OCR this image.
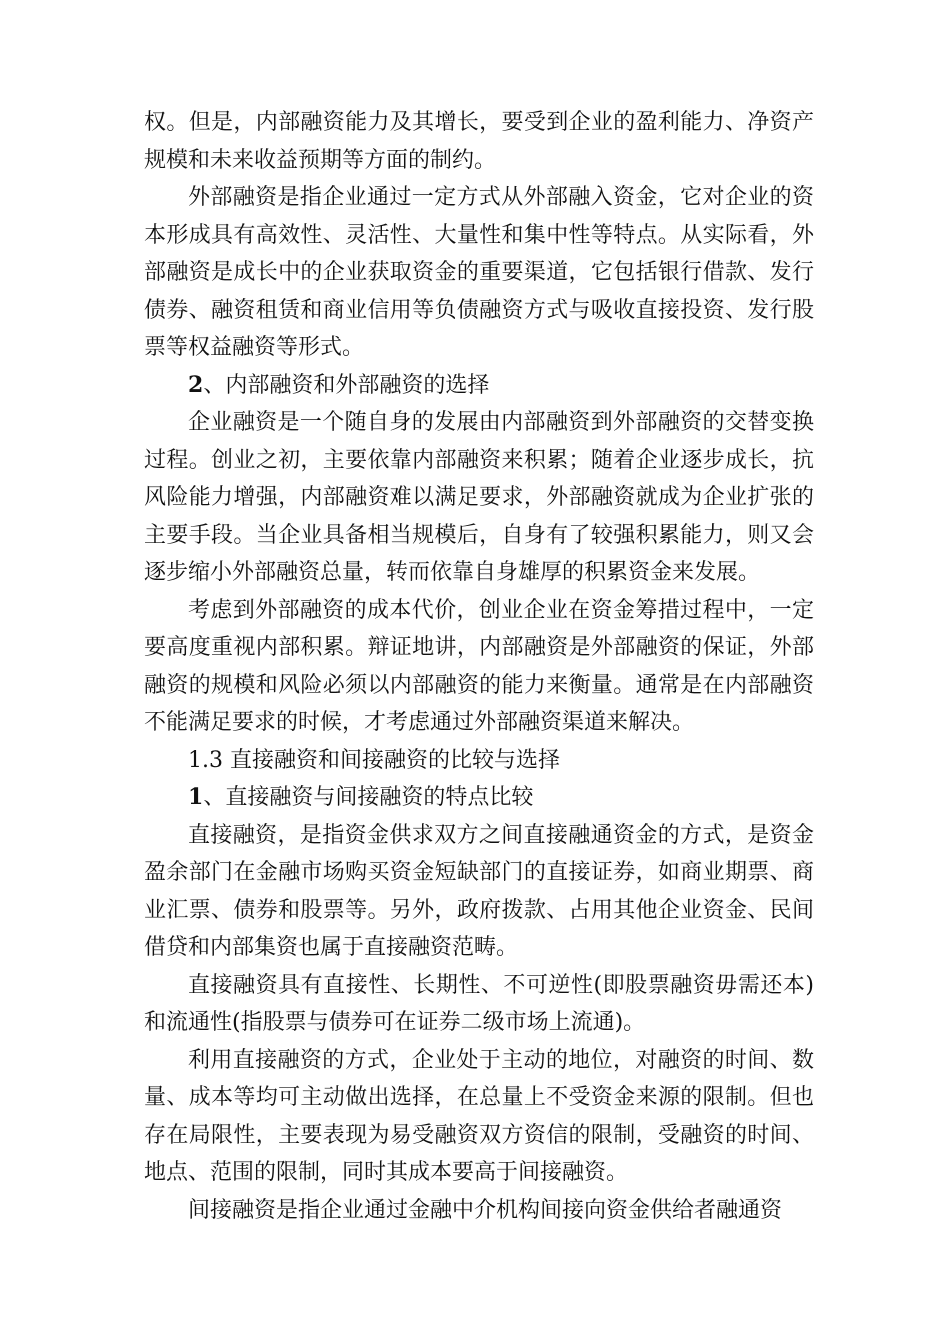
权。但是，内部融资能力及其增长，要受到企业的盈利能力、净资产规模和未来收益预期等方面的制约。

外部融资是指企业通过一定方式从外部融入资金，它对企业的资本形成具有高效性、灵活性、大量性和集中性等特点。从实际看，外部融资是成长中的企业获取资金的重要渠道，它包括银行借款、发行债券、融资租赁和商业信用等负债融资方式与吸收直接投资、发行股票等权益融资等形式。

2、内部融资和外部融资的选择

企业融资是一个随自身的发展由内部融资到外部融资的交替变换过程。创业之初，主要依靠内部融资来积累；随着企业逐步成长，抗风险能力增强，内部融资难以满足要求，外部融资就成为企业扩张的主要手段。当企业具备相当规模后，自身有了较强积累能力，则又会逐步缩小外部融资总量，转而依靠自身雄厚的积累资金来发展。

考虑到外部融资的成本代价，创业企业在资金筹措过程中，一定要高度重视内部积累。辩证地讲，内部融资是外部融资的保证，外部融资的规模和风险必须以内部融资的能力来衡量。通常是在内部融资不能满足要求的时候，才考虑通过外部融资渠道来解决。

1.3 直接融资和间接融资的比较与选择

1、直接融资与间接融资的特点比较

直接融资，是指资金供求双方之间直接融通资金的方式，是资金盈余部门在金融市场购买资金短缺部门的直接证券，如商业期票、商业汇票、债券和股票等。另外，政府拨款、占用其他企业资金、民间借贷和内部集资也属于直接融资范畴。

直接融资具有直接性、长期性、不可逆性(即股票融资毋需还本)和流通性(指股票与债券可在证券二级市场上流通)。

利用直接融资的方式，企业处于主动的地位，对融资的时间、数量、成本等均可主动做出选择，在总量上不受资金来源的限制。但也存在局限性，主要表现为易受融资双方资信的限制，受融资的时间、地点、范围的限制，同时其成本要高于间接融资。

间接融资是指企业通过金融中介机构间接向资金供给者融通资
